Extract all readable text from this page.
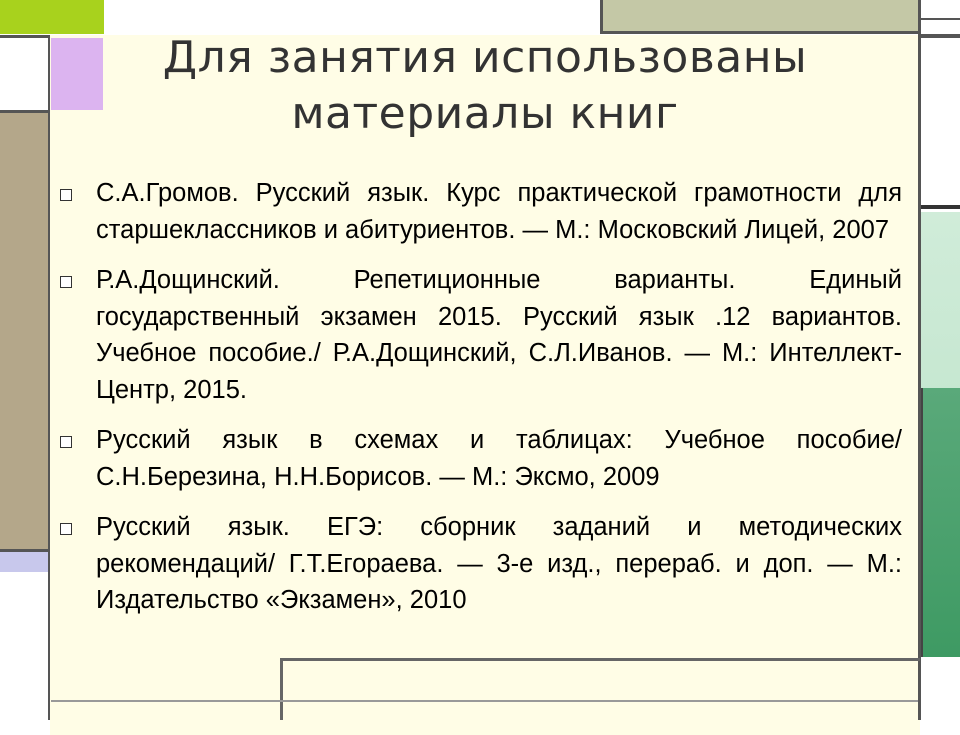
Для занятия использованы
материалы книг
С.А.Громов. Русский язык. Курс практической грамотности для старшеклассников и абитуриентов. — М.: Московский Лицей, 2007
Р.А.Дощинский. Репетиционные варианты. Единый государственный экзамен 2015. Русский язык .12 вариантов. Учебное пособие./ Р.А.Дощинский, С.Л.Иванов. — М.: Интеллект-Центр, 2015.
Русский язык в схемах и таблицах: Учебное пособие/ С.Н.Березина, Н.Н.Борисов. — М.: Эксмо, 2009
Русский язык. ЕГЭ: сборник заданий и методических рекомендаций/ Г.Т.Егораева. — 3-е изд., перераб. и доп. — М.: Издательство «Экзамен», 2010
